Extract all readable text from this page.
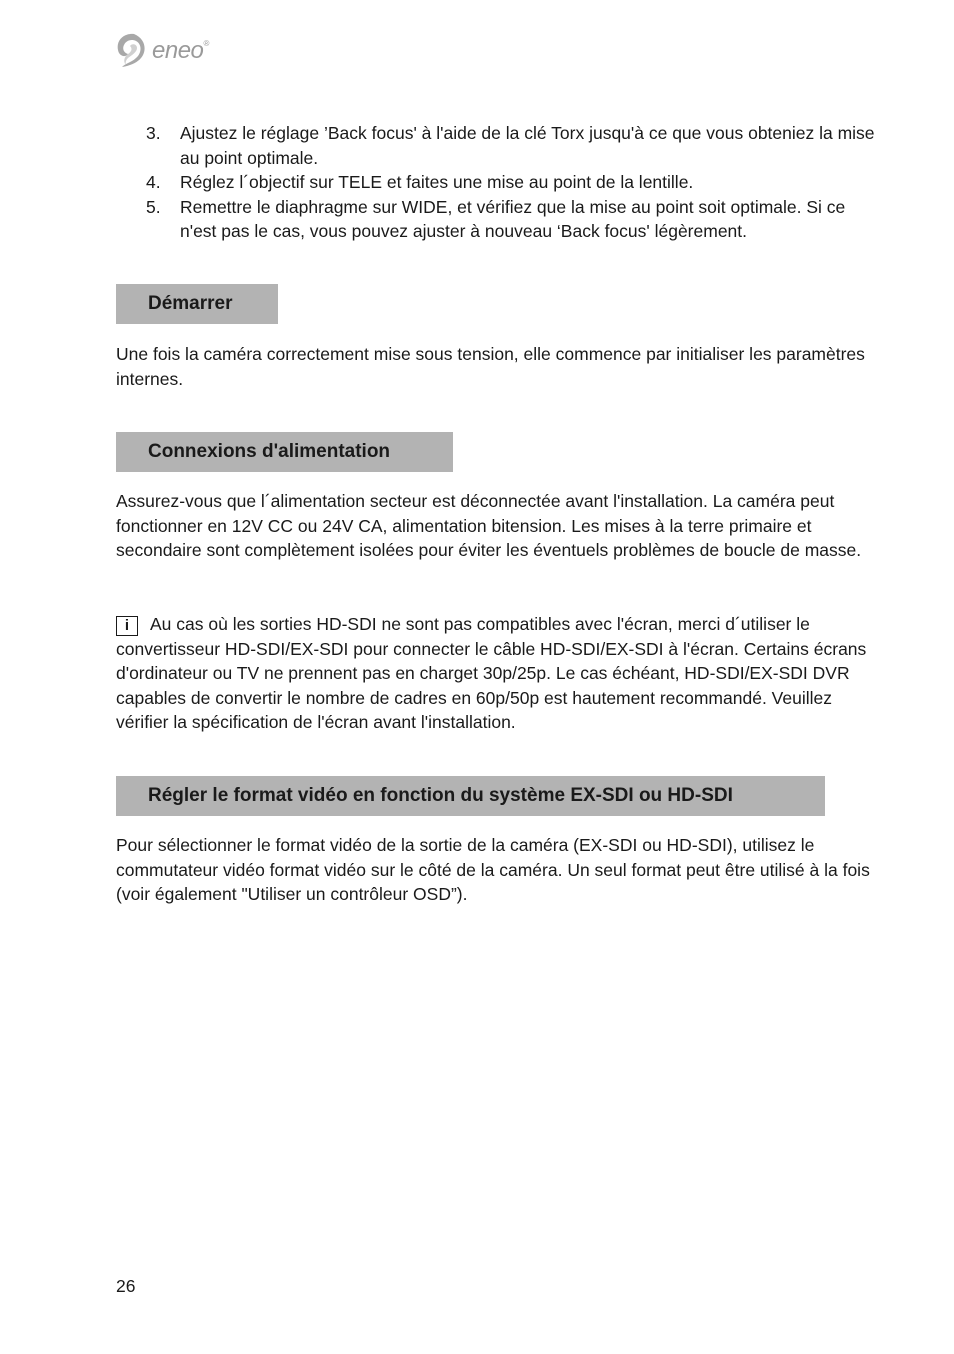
eneo®
3.	Ajustez le réglage ’Back focus' à l'aide de la clé Torx jusqu'à ce que vous obteniez la mise au point optimale.
4.	Réglez l´objectif sur TELE et faites une mise au point de la lentille.
5.	Remettre le diaphragme sur WIDE, et vérifiez que la mise au point soit optimale. Si ce n'est pas le cas, vous pouvez ajuster à nouveau ‘Back focus' légèrement.
Démarrer

Une fois la caméra correctement mise sous tension, elle commence par initialiser les paramètres internes.

Connexions d'alimentation

Assurez-vous que l´alimentation secteur est déconnectée avant l'installation. La caméra peut fonctionner en 12V CC ou 24V CA, alimentation bitension. Les mises à la terre primaire et secondaire sont complètement isolées pour éviter les éventuels problèmes de boucle de masse.

i Au cas où les sorties HD-SDI ne sont pas compatibles avec l'écran, merci d´utiliser le convertisseur HD-SDI/EX-SDI pour connecter le câble HD-SDI/EX-SDI à l'écran. Certains écrans d'ordinateur ou TV ne prennent pas en charget 30p/25p. Le cas échéant, HD-SDI/EX-SDI DVR capables de convertir le nombre de cadres en 60p/50p est hautement recommandé. Veuillez vérifier la spécification de l'écran avant l'installation.

Régler le format vidéo en fonction du système EX-SDI ou HD-SDI

Pour sélectionner le format vidéo de la sortie de la caméra (EX-SDI ou HD-SDI), utilisez le commutateur vidéo format vidéo sur le côté de la caméra. Un seul format peut être utilisé à la fois (voir également "Utiliser un contrôleur OSD”).

26
